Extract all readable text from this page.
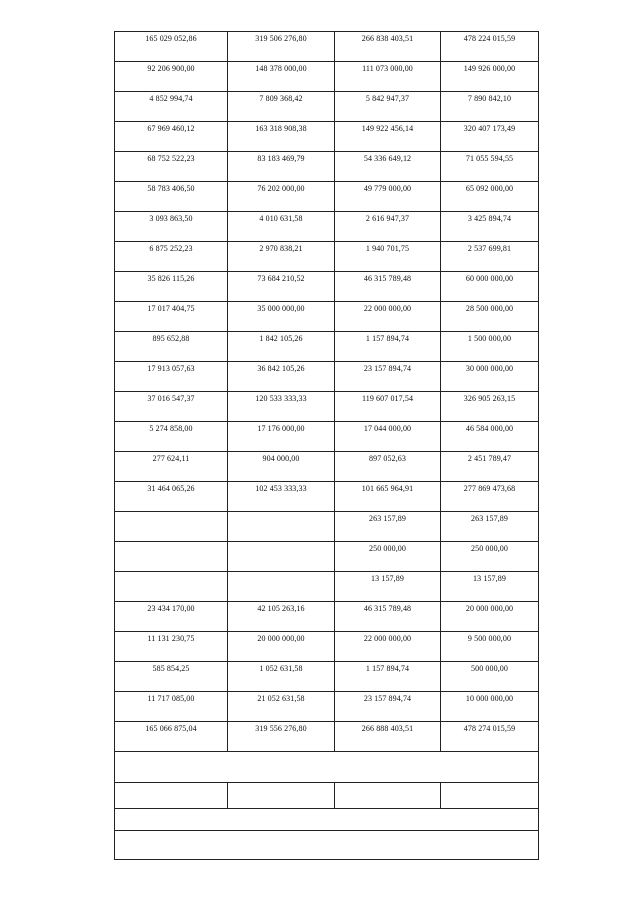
165 029 052,86	319 506 276,80	266 838 403,51	478 224 015,59

92 206 900,00	148 378 000,00	111 073 000,00	149 926 000,00

4 852 994,74	7 809 368,42	5 842 947,37	7 890 842,10

67 969 460,12	163 318 908,38	149 922 456,14	320 407 173,49

68 752 522,23	83 183 469,79	54 336 649,12	71 055 594,55

58 783 406,50	76 202 000,00	49 779 000,00	65 092 000,00

3 093 863,50	4 010 631,58	2 616 947,37	3 425 894,74

6 875 252,23	2 970 838,21	1 940 701,75	2 537 699,81

35 826 115,26	73 684 210,52	46 315 789,48	60 000 000,00

17 017 404,75	35 000 000,00	22 000 000,00	28 500 000,00

895 652,88	1 842 105,26	1 157 894,74	1 500 000,00

17 913 057,63	36 842 105,26	23 157 894,74	30 000 000,00

37 016 547,37	120 533 333,33	119 607 017,54	326 905 263,15

5 274 858,00	17 176 000,00	17 044 000,00	46 584 000,00

277 624,11	904 000,00	897 052,63	2 451 789,47

31 464 065,26	102 453 333,33	101 665 964,91	277 869 473,68

		263 157,89	263 157,89

		250 000,00	250 000,00

		13 157,89	13 157,89

23 434 170,00	42 105 263,16	46 315 789,48	20 000 000,00

11 131 230,75	20 000 000,00	22 000 000,00	9 500 000,00

585 854,25	1 052 631,58	1 157 894,74	500 000,00

11 717 085,00	21 052 631,58	23 157 894,74	10 000 000,00

165 066 875,04	319 556 276,80	266 888 403,51	478 274 015,59
